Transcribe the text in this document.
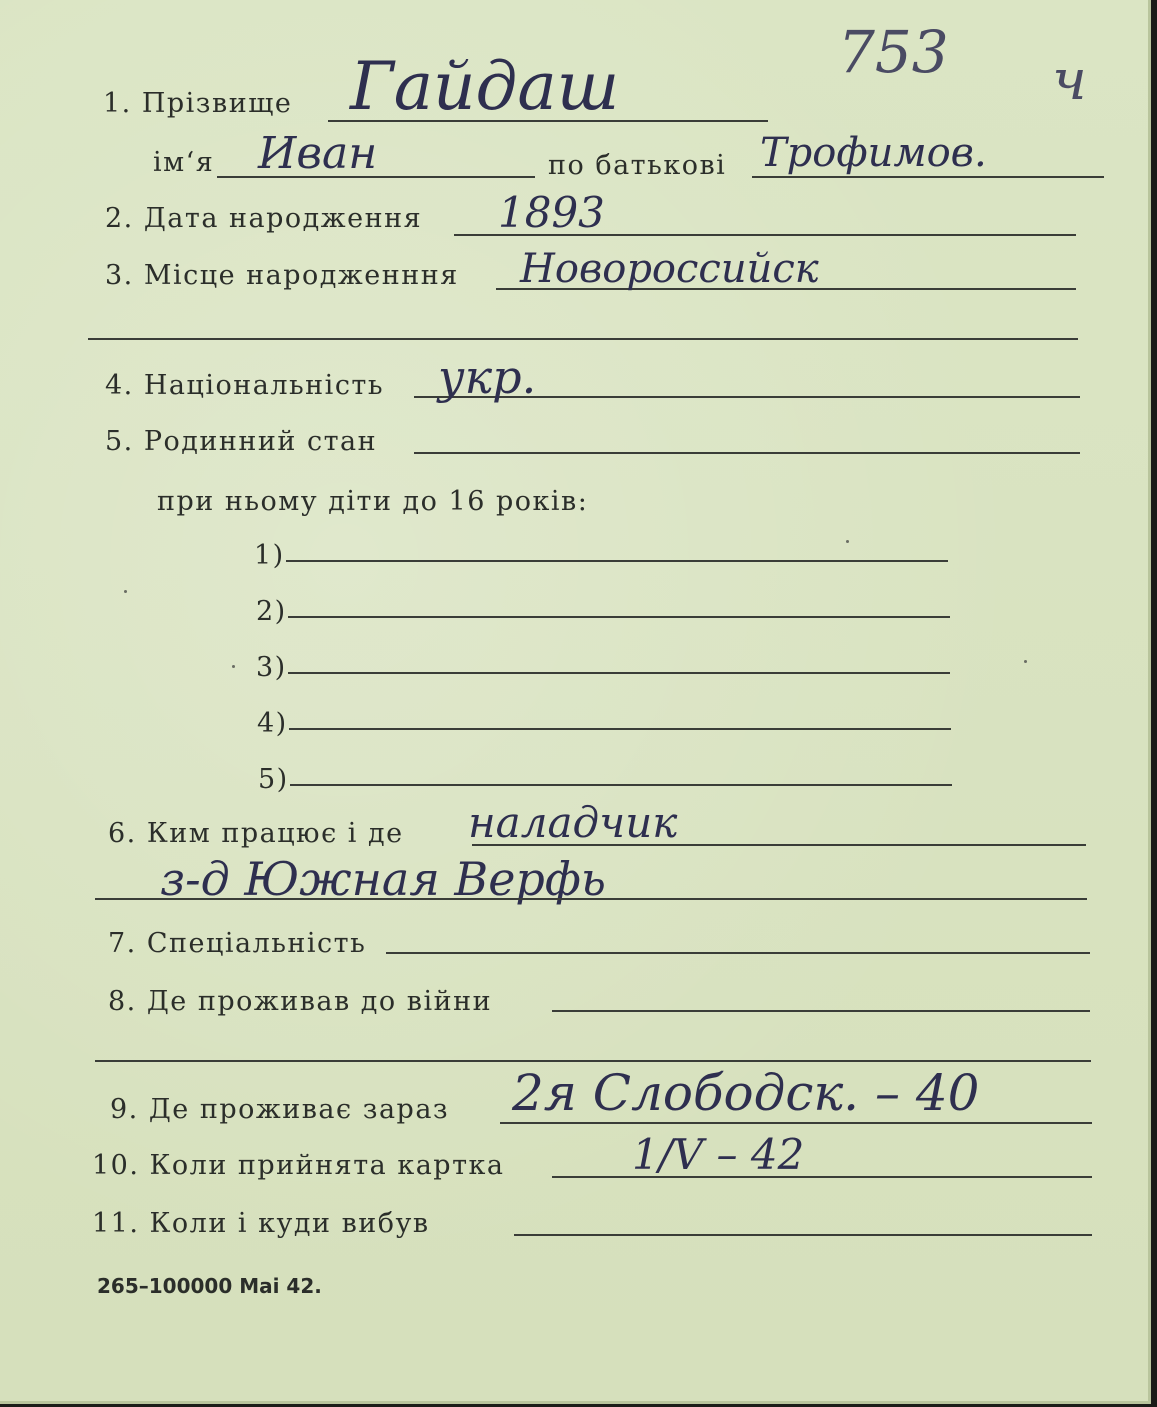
753 ч
1. Прізвище Гайдаш
ім‘я Иван	по батькові Трофимов.
2. Дата народження 1893
3. Місце народженння Новороссийск
4. Національність укр.
5. Родинний стан
при ньому діти до 16 років:
1)
2)
3)
4)
5)
6. Ким працює і де наладчик
з-д Южная Верфь
7. Спеціальність
8. Де проживав до війни
9. Де проживає зараз 2я Слободск. – 40
10. Коли прийнята картка	1/V – 42
11. Коли і куди вибув
265–100000 Mai 42.
